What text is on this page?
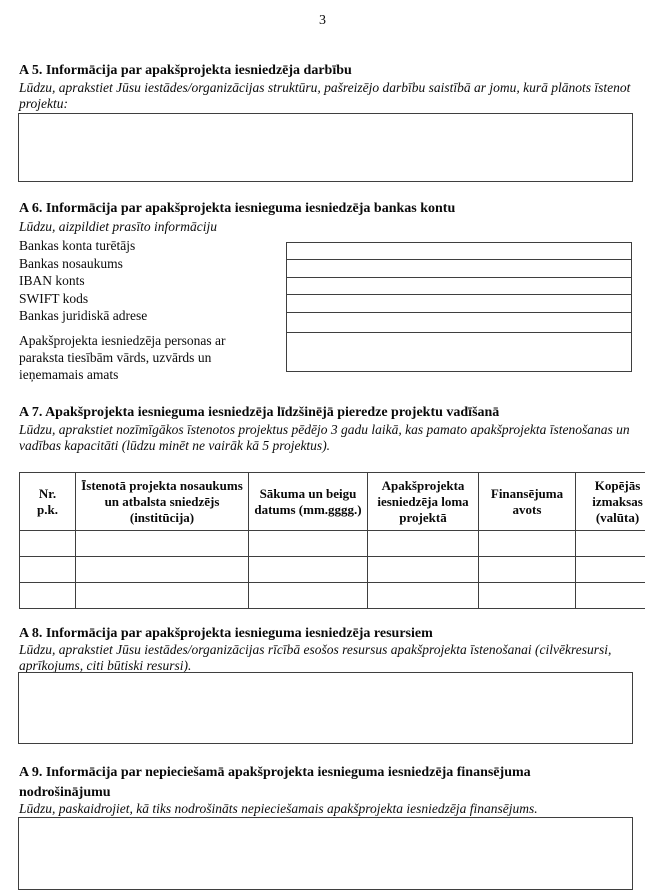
3
A 5. Informācija par apakšprojekta iesniedzēja darbību
Lūdzu, aprakstiet Jūsu iestādes/organizācijas struktūru, pašreizējo darbību saistībā ar jomu, kurā plānots īstenot projektu:
A 6. Informācija par apakšprojekta iesnieguma iesniedzēja bankas kontu
Lūdzu, aizpildiet prasīto informāciju
Bankas konta turētājs
Bankas nosaukums
IBAN konts
SWIFT kods
Bankas juridiskā adrese
Apakšprojekta iesniedzēja personas ar paraksta tiesībām vārds, uzvārds un ieņemamais amats
A 7. Apakšprojekta iesnieguma iesniedzēja līdzšinējā pieredze projektu vadīšanā
Lūdzu, aprakstiet nozīmīgākos īstenotos projektus pēdējo 3 gadu laikā, kas pamato apakšprojekta īstenošanas un vadības kapacitāti (lūdzu minēt ne vairāk kā 5 projektus).
Nr. p.k.	Īstenotā projekta nosaukums un atbalsta sniedzējs (institūcija)	Sākuma un beigu datums (mm.gggg.)	Apakšprojekta iesniedzēja loma projektā	Finansējuma avots	Kopējās izmaksas (valūta)

A 8. Informācija par apakšprojekta iesnieguma iesniedzēja resursiem
Lūdzu, aprakstiet Jūsu iestādes/organizācijas rīcībā esošos resursus apakšprojekta īstenošanai (cilvēkresursi, aprīkojums, citi būtiski resursi).
A 9. Informācija par nepieciešamā apakšprojekta iesnieguma iesniedzēja finansējuma nodrošinājumu
Lūdzu, paskaidrojiet, kā tiks nodrošināts nepieciešamais apakšprojekta iesniedzēja finansējums.
